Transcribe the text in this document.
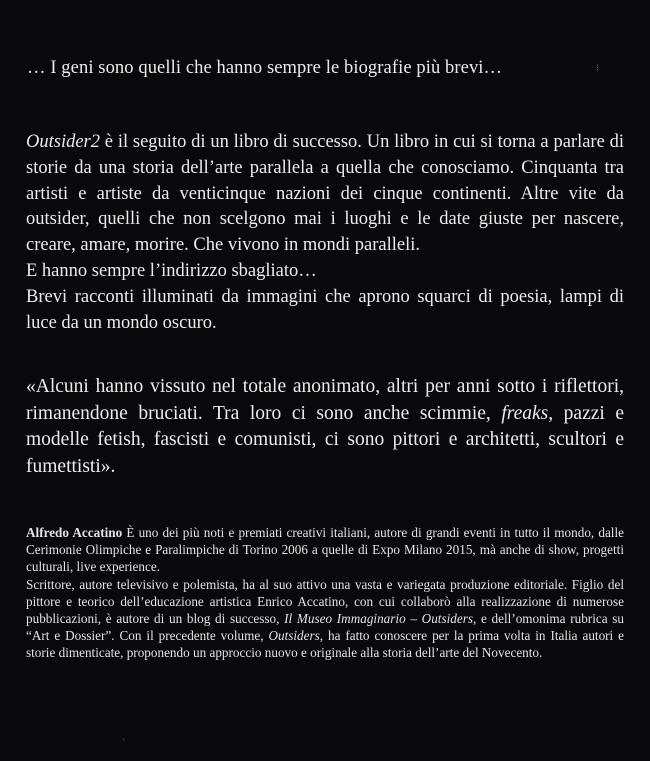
… I geni sono quelli che hanno sempre le biografie più brevi…	⁝

Outsider2 è il seguito di un libro di successo. Un libro in cui si torna a parlare di storie da una storia dell’arte parallela a quella che conosciamo. Cinquanta tra artisti e artiste da venticinque nazioni dei cinque continenti. Altre vite da outsider, quelli che non scelgono mai i luoghi e le date giuste per nascere, creare, amare, morire. Che vivono in mondi paralleli.

E hanno sempre l’indirizzo sbagliato…

Brevi racconti illuminati da immagini che aprono squarci di poesia, lampi di luce da un mondo oscuro.

«Alcuni hanno vissuto nel totale anonimato, altri per anni sotto i riflettori, rimanendone bruciati. Tra loro ci sono anche scimmie, freaks, pazzi e modelle fetish, fascisti e comunisti, ci sono pittori e architetti, scultori e fumettisti».

Alfredo Accatino È uno dei più noti e premiati creativi italiani, autore di grandi eventi in tutto il mondo, dalle Cerimonie Olimpiche e Paralimpiche di Torino 2006 a quelle di Expo Milano 2015, mà anche di show, progetti culturali, live experience.

Scrittore, autore televisivo e polemista, ha al suo attivo una vasta e variegata produzione editoriale. Figlio del pittore e teorico dell’educazione artistica Enrico Accatino, con cui collaborò alla realizzazione di numerose pubblicazioni, è autore di un blog di successo, Il Museo Immaginario – Outsiders, e dell’omonima rubrica su “Art e Dossier”. Con il precedente volume, Outsiders, ha fatto conoscere per la prima volta in Italia autori e storie dimenticate, proponendo un approccio nuovo e originale alla storia dell’arte del Novecento.

·
